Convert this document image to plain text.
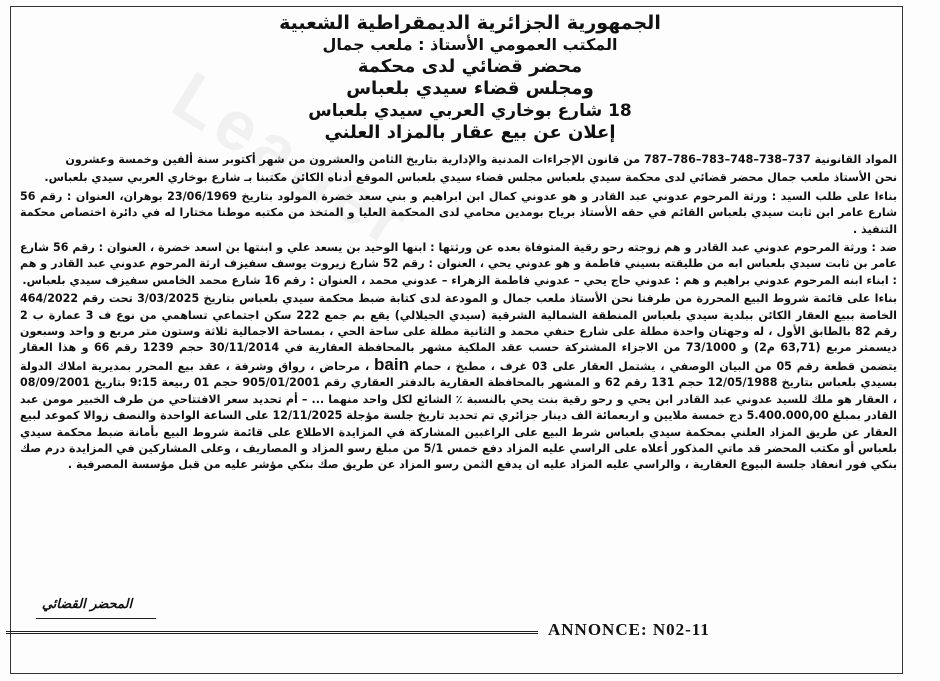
الجمهورية الجزائرية الديمقراطية الشعبية
المكتب العمومي الأستاذ : ملعب جمال
محضر قضائي لدى محكمة
ومجلس قضاء سيدي بلعباس
18 شارع بوخاري العربي سيدي بلعباس
إعلان عن بيع عقار بالمزاد العلني

المواد القانونية 737–738–748–783–786–787 من قانون الإجراءات المدنية والإدارية بتاريخ الثامن والعشرون من شهر أكتوبر سنة ألفين وخمسة وعشرون

نحن الأستاذ ملعب جمال محضر قضائي لدى محكمة سيدي بلعباس مجلس قضاء سيدي بلعباس الموقع أدناه الكائن مكتبنا بـ شارع بوخاري العربي سيدي بلعباس.

بناءا على طلب السيد : ورثة المرحوم عدوني عبد القادر و هو عدوني كمال ابن ابراهيم و بني سعد خضرة المولود بتاريخ 23/06/1969 بوهران، العنوان : رقم 56 شارع عامر ابن ثابت سيدي بلعباس القائم في حقه الأستاذ برياح بومدين محامي لدى المحكمة العليا و المتخذ من مكتبه موطنا مختارا له في دائرة اختصاص محكمة التنفيذ .

ضد : ورثة المرحوم عدوني عبد القادر و هم زوجته رحو رقية المتوفاة بعده عن ورثتها : ابنها الوحيد بن يسعد علي و ابنتها بن اسعد خضرة ، العنوان : رقم 56 شارع عامر بن ثابت سيدي بلعباس ابه من طليقته بسيني فاطمة و هو عدوني يحي ، العنوان : رقم 52 شارع زيروت يوسف سفيزف ارثة المرحوم عدوني عبد القادر و هم : ابناء ابنه المرحوم عدوني براهيم و هم : عدوني حاج يحي – عدوني فاطمة الزهراء – عدوني محمد ، العنوان : رقم 16 شارع محمد الخامس سفيزف سيدي بلعباس.

بناءا على قائمة شروط البيع المحررة من طرفنا نحن الأستاذ ملعب جمال و المودعة لدى كتابة ضبط محكمة سيدي بلعباس بتاريخ 3/03/2025 تحت رقم 464/2022 الخاصة ببيع العقار الكائن ببلدية سيدي بلعباس المنطقة الشمالية الشرقية (سيدي الجيلالي) يقع بم جمع 222 سكن اجتماعي تساهمي من نوع ف 3 عمارة ب 2 رقم 82 بالطابق الأول ، له وجهتان واحدة مطلة على شارع حنفي محمد و الثانية مطلة على ساحة الحي ، بمساحة الاجمالية ثلاثة وستون متر مربع و واحد وسبعون ديسمتر مربع (63,71 م2) و 73/1000 من الاجزاء المشتركة حسب عقد الملكية مشهر بالمحافظة العقارية في 30/11/2014 حجم 1239 رقم 66 و هذا العقار يتضمن قطعة رقم 05 من البيان الوصفي ، يشتمل العقار على 03 غرف ، مطبخ ، حمام bain ، مرحاض ، رواق وشرفة ، عقد بيع المحرر بمديرية املاك الدولة بسيدي بلعباس بتاريخ 12/05/1988 حجم 131 رقم 62 و المشهر بالمحافظة العقارية بالدفتر العقاري رقم 905/01/2001 حجم 01 ربيعة 9:15 بتاريخ 08/09/2001 ، العقار هو ملك للسيد عدوني عبد القادر ابن يحي و رحو رقية بنت يحي بالنسبة ٪ الشائع لكل واحد منهما ... – أم تحديد سعر الافتتاحي من طرف الخبير مومن عبد القادر بمبلغ 5.400.000,00 دج خمسة ملايين و اربعمائة الف دينار جزائري تم تحديد تاريخ جلسة مؤجلة 12/11/2025 على الساعة الواحدة والنصف زوالا كموعد لبيع العقار عن طريق المزاد العلني بمحكمة سيدي بلعباس شرط البيع على الراغبين المشاركة في المزايدة الاطلاع على قائمة شروط البيع بأمانة ضبط محكمة سيدي بلعباس أو مكتب المحضر قد ماتي المذكور أعلاه على الراسي عليه المزاد دفع خمس 5/1 من مبلغ رسو المزاد و المصاريف ، وعلى المشاركين في المزايدة درم صك بنكي فور انعقاد جلسة البيوع العقارية ، والراسي عليه المزاد عليه ان يدفع الثمن رسو المزاد عن طريق صك بنكي مؤشر عليه من قبل مؤسسة المصرفية .

المحضر القضائي
ANNONCE: N02-11
